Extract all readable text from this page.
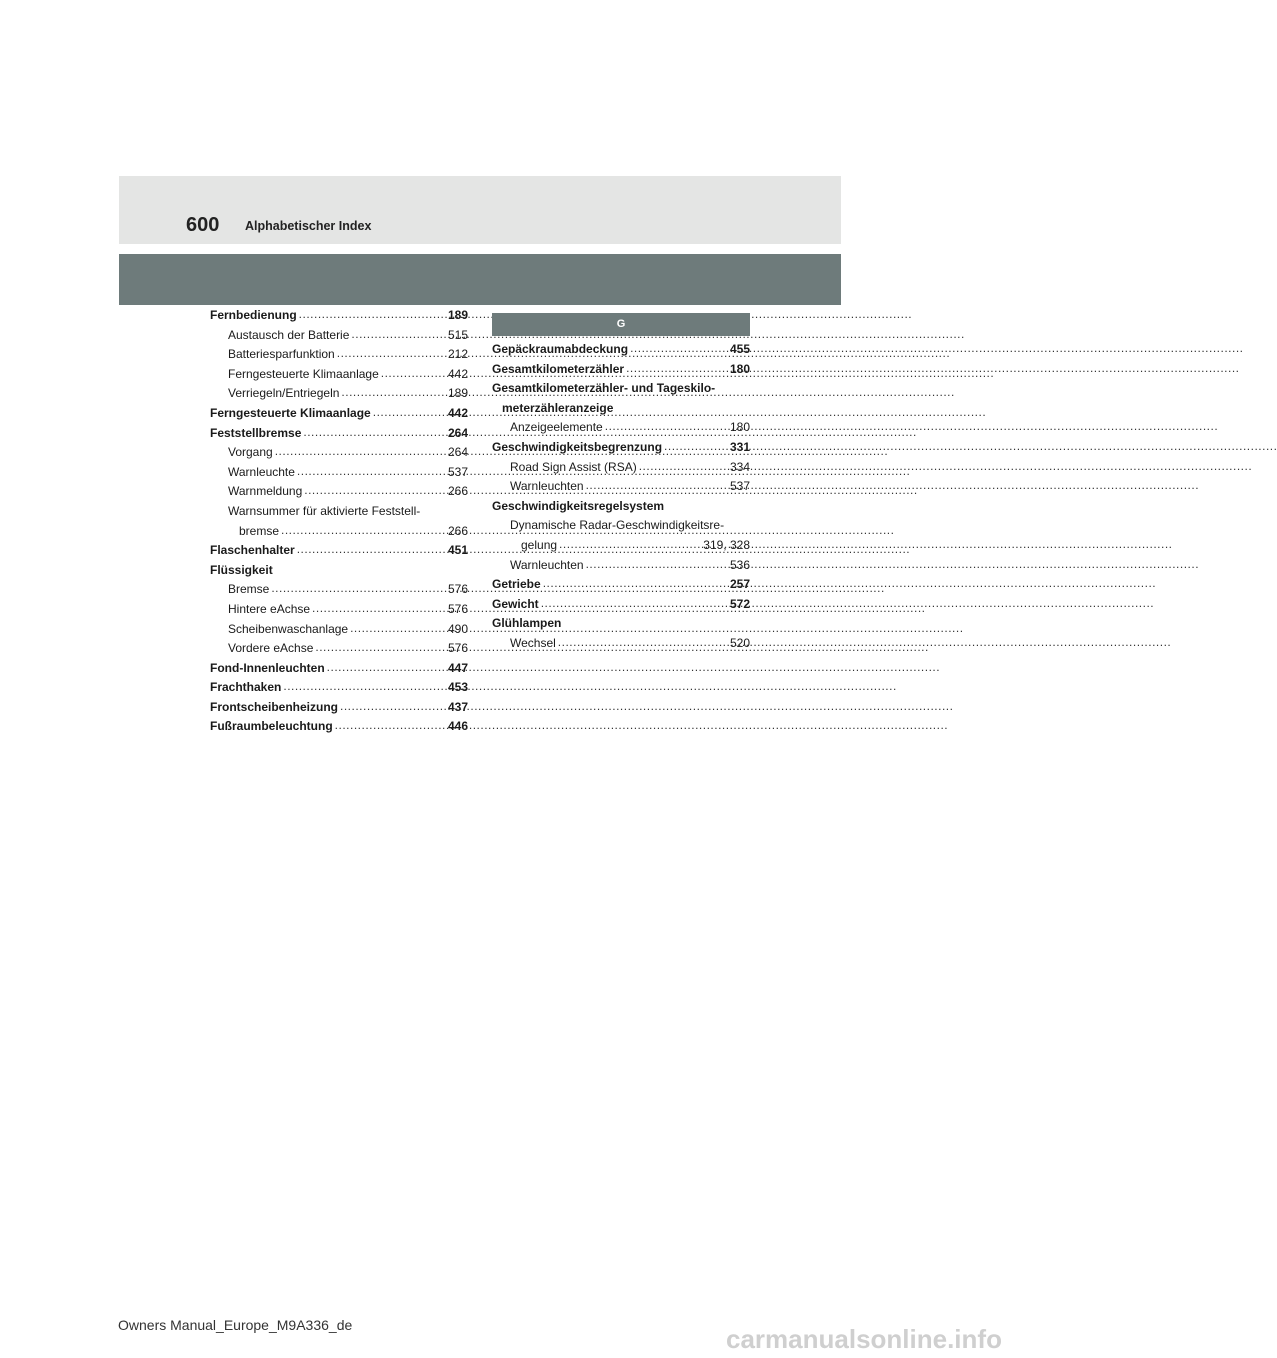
600 Alphabetischer Index
Fernbedienung .....	189
Austausch der Batterie .....	515
Batteriesparfunktion .....	212
Ferngesteuerte Klimaanlage .....	442
Verriegeln/Entriegeln .....	189
Ferngesteuerte Klimaanlage .....	442
Feststellbremse .....	264
Vorgang .....	264
Warnleuchte .....	537
Warnmeldung .....	266
Warnsummer für aktivierte Feststell-
bremse .....	266
Flaschenhalter .....	451
Flüssigkeit
Bremse .....	576
Hintere eAchse .....	576
Scheibenwaschanlage .....	490
Vordere eAchse .....	576
Fond-Innenleuchten .....	447
Frachthaken .....	453
Frontscheibenheizung .....	437
Fußraumbeleuchtung .....	446
G
Gepäckraumabdeckung .....	455
Gesamtkilometerzähler .....	180
Gesamtkilometerzähler- und Tageskilo-
meterzähleranzeige
Anzeigeelemente .....	180
Geschwindigkeitsbegrenzung .....	331
Road Sign Assist (RSA) .....	334
Warnleuchten .....	537
Geschwindigkeitsregelsystem
Dynamische Radar-Geschwindigkeitsre-
gelung .....	319, 328
Warnleuchten .....	536
Getriebe .....	257
Gewicht .....	572
Glühlampen
Wechsel .....	520
Owners Manual_Europe_M9A336_de	carmanualsonline.info
